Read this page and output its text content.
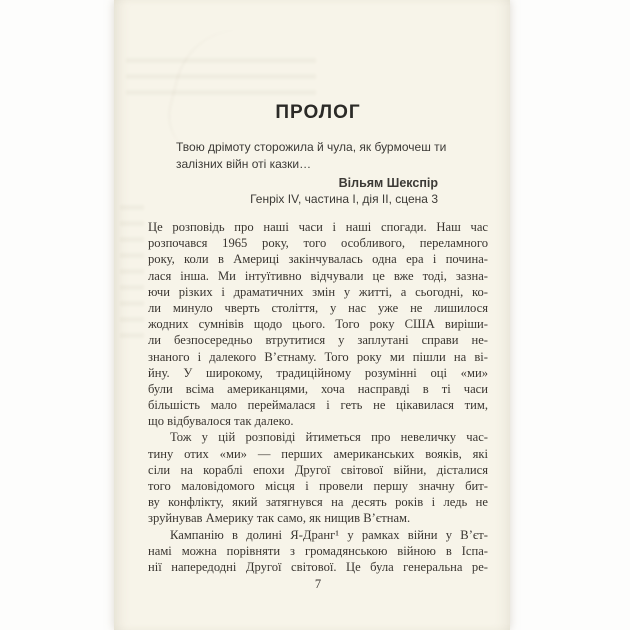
ПРОЛОГ
Твою дрімоту сторожила й чула, як бурмочеш ти
залізних війн оті казки…
Вільям Шекспір
Генріх IV, частина I, дія II, сцена 3
Це розповідь про наші часи і наші спогади. Наш час
розпочався 1965 року, того особливого, переламного
року, коли в Америці закінчувалась одна ера і почина-
лася інша. Ми інтуїтивно відчували це вже тоді, зазна-
ючи різких і драматичних змін у житті, а сьогодні, ко-
ли минуло чверть століття, у нас уже не лишилося
жодних сумнівів щодо цього. Того року США виріши-
ли безпосередньо втрутитися у заплутані справи не-
знаного і далекого В’єтнаму. Того року ми пішли на ві-
йну. У широкому, традиційному розумінні оці «ми»
були всіма американцями, хоча насправді в ті часи
більшість мало переймалася і геть не цікавилася тим,
що відбувалося так далеко.
Тож у цій розповіді йтиметься про невеличку час-
тину отих «ми» — перших американських вояків, які
сіли на кораблі епохи Другої світової війни, дісталися
того маловідомого місця і провели першу значну бит-
ву конфлікту, який затягнувся на десять років і ледь не
зруйнував Америку так само, як нищив В’єтнам.
Кампанію в долині Я-Дранг¹ у рамках війни у В’єт-
намі можна порівняти з громадянською війною в Іспа-
нії напередодні Другої світової. Це була генеральна ре-
7
